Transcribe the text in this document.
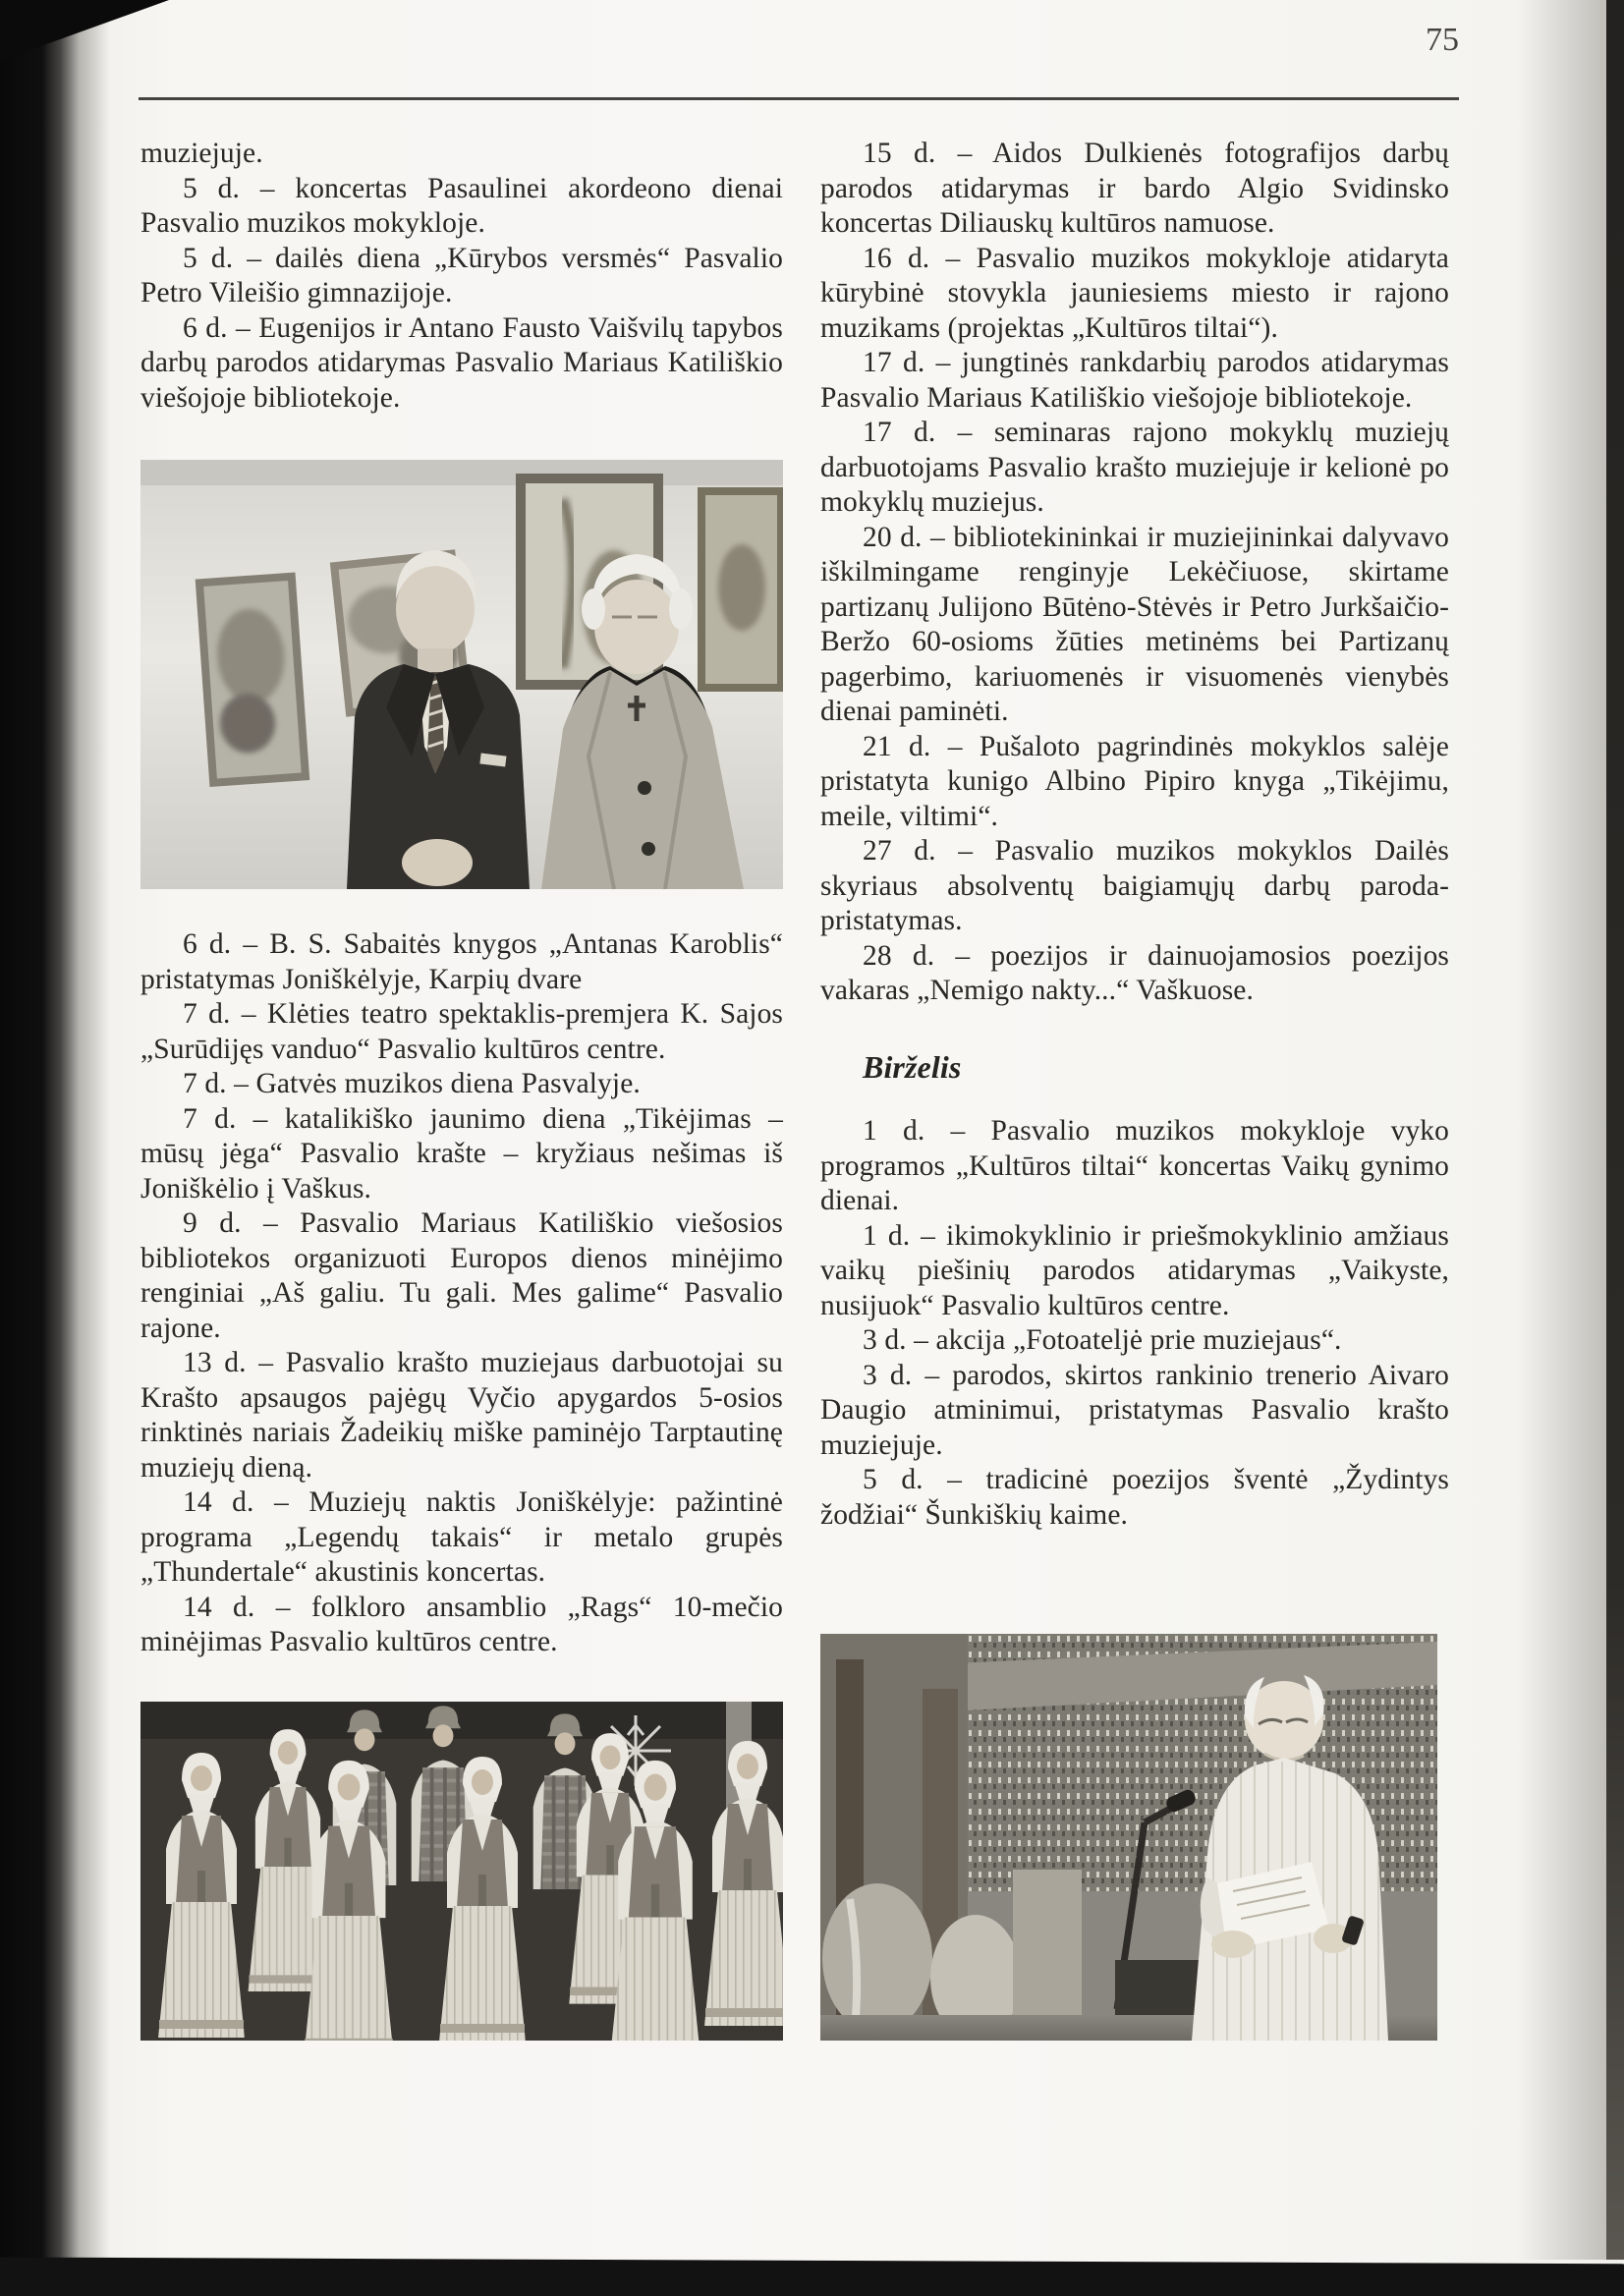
75

muziejuje.

5 d. – koncertas Pasaulinei akordeono dienai Pasvalio muzikos mokykloje.

5 d. – dailės diena „Kūrybos versmės“ Pasvalio Petro Vileišio gimnazijoje.

6 d. – Eugenijos ir Antano Fausto Vaišvilų tapybos darbų parodos atidarymas Pasvalio Mariaus Katiliškio viešojoje bibliotekoje.

6 d. – B. S. Sabaitės knygos „Antanas Karoblis“ pristatymas Joniškėlyje, Karpių dvare

7 d. – Klėties teatro spektaklis-premjera K. Sajos „Surūdijęs vanduo“ Pasvalio kultūros centre.

7 d. – Gatvės muzikos diena Pasvalyje.

7 d. – katalikiško jaunimo diena „Tikėjimas – mūsų jėga“ Pasvalio krašte – kryžiaus nešimas iš Joniškėlio į Vaškus.

9 d. – Pasvalio Mariaus Katiliškio viešosios bibliotekos organizuoti Europos dienos minėjimo renginiai „Aš galiu. Tu gali. Mes galime“ Pasvalio rajone.

13 d. – Pasvalio krašto muziejaus darbuotojai su Krašto apsaugos pajėgų Vyčio apygardos 5-osios rinktinės nariais Žadeikių miške paminėjo Tarptautinę muziejų dieną.

14 d. – Muziejų naktis Joniškėlyje: pažintinė programa „Legendų takais“ ir metalo grupės „Thundertale“ akustinis koncertas.

14 d. – folkloro ansamblio „Rags“ 10-mečio minėjimas Pasvalio kultūros centre.

15 d. – Aidos Dulkienės fotografijos darbų parodos atidarymas ir bardo Algio Svidinsko koncertas Diliauskų kultūros namuose.

16 d. – Pasvalio muzikos mokykloje atidaryta kūrybinė stovykla jauniesiems miesto ir rajono muzikams (projektas „Kultūros tiltai“).

17 d. – jungtinės rankdarbių parodos atidarymas Pasvalio Mariaus Katiliškio viešojoje bibliotekoje.

17 d. – seminaras rajono mokyklų muziejų darbuotojams Pasvalio krašto muziejuje ir kelionė po mokyklų muziejus.

20 d. – bibliotekininkai ir muziejininkai dalyvavo iškilmingame renginyje Lekėčiuose, skirtame partizanų Julijono Būtėno-Stėvės ir Petro Jurkšaičio-Beržo 60-osioms žūties metinėms bei Partizanų pagerbimo, kariuomenės ir visuomenės vienybės dienai paminėti.

21 d. – Pušaloto pagrindinės mokyklos salėje pristatyta kunigo Albino Pipiro knyga „Tikėjimu, meile, viltimi“.

27 d. – Pasvalio muzikos mokyklos Dailės skyriaus absolventų baigiamųjų darbų paroda-pristatymas.

28 d. – poezijos ir dainuojamosios poezijos vakaras „Nemigo nakty...“ Vaškuose.

Birželis

1 d. – Pasvalio muzikos mokykloje vyko programos „Kultūros tiltai“ koncertas Vaikų gynimo dienai.

1 d. – ikimokyklinio ir priešmokyklinio amžiaus vaikų piešinių parodos atidarymas „Vaikyste, nusijuok“ Pasvalio kultūros centre.

3 d. – akcija „Fotoateljė prie muziejaus“.

3 d. – parodos, skirtos rankinio trenerio Aivaro Daugio atminimui, pristatymas Pasvalio krašto muziejuje.

5 d. – tradicinė poezijos šventė „Žydintys žodžiai“ Šunkiškių kaime.
